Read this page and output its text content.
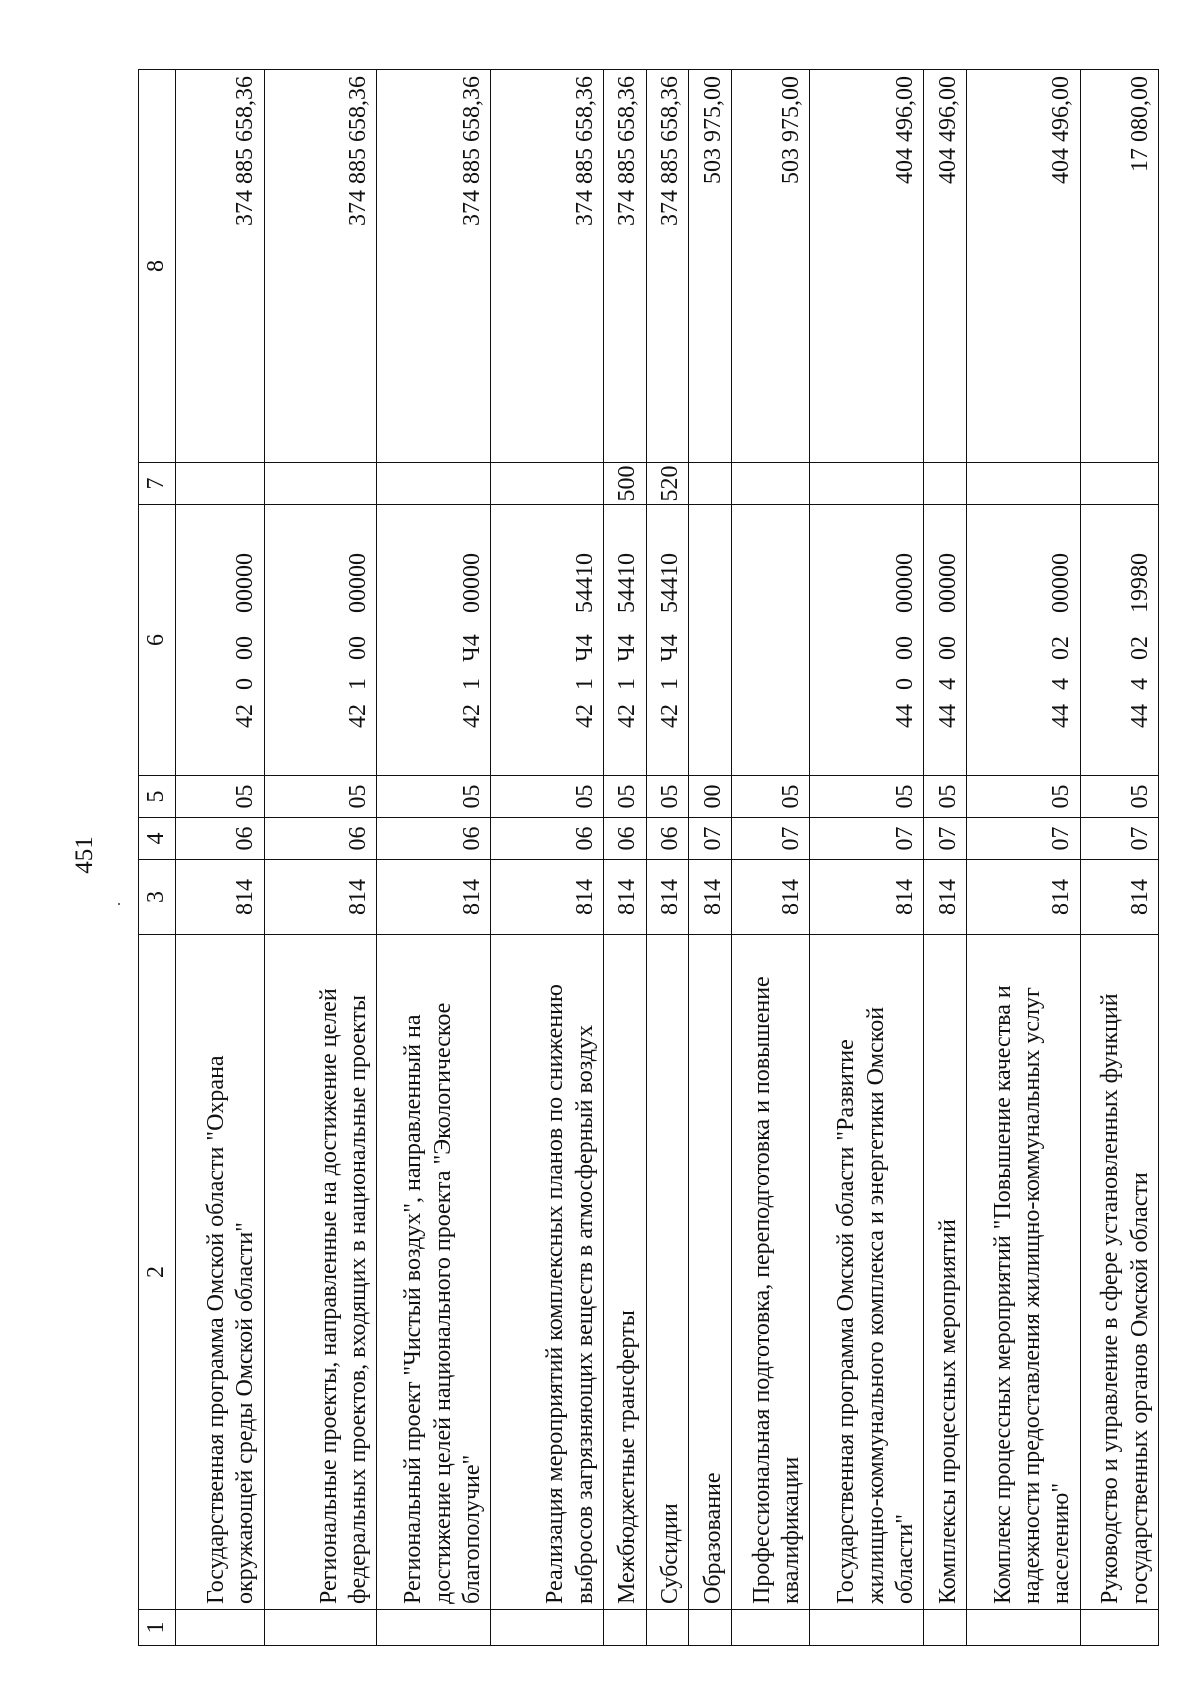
451
1	2	3	4	5	6	7	8
	Государственная программа Омской области "Охрана окружающей среды Омской области"	814	06	05	4200000000		374 885 658,36
	Региональные проекты, направленные на достижение целей федеральных проектов, входящих в национальные проекты	814	06	05	4210000000		374 885 658,36
	Региональный проект "Чистый воздух", направленный на достижение целей национального проекта "Экологическое благополучие"	814	06	05	421Ч400000		374 885 658,36
	Реализация мероприятий комплексных планов по снижению выбросов загрязняющих веществ в атмосферный воздух	814	06	05	421Ч454410		374 885 658,36
	Межбюджетные трансферты	814	06	05	421Ч454410	500	374 885 658,36
	Субсидии	814	06	05	421Ч454410	520	374 885 658,36
	Образование	814	07	00			503 975,00
	Профессиональная подготовка, переподготовка и повышение квалификации	814	07	05			503 975,00
	Государственная программа Омской области "Развитие жилищно-коммунального комплекса и энергетики Омской области"	814	07	05	4400000000		404 496,00
	Комплексы процессных мероприятий	814	07	05	4440000000		404 496,00
	Комплекс процессных мероприятий "Повышение качества и надежности предоставления жилищно-коммунальных услуг населению"	814	07	05	4440200000		404 496,00
	Руководство и управление в сфере установленных функций государственных органов Омской области	814	07	05	4440219980		17 080,00
